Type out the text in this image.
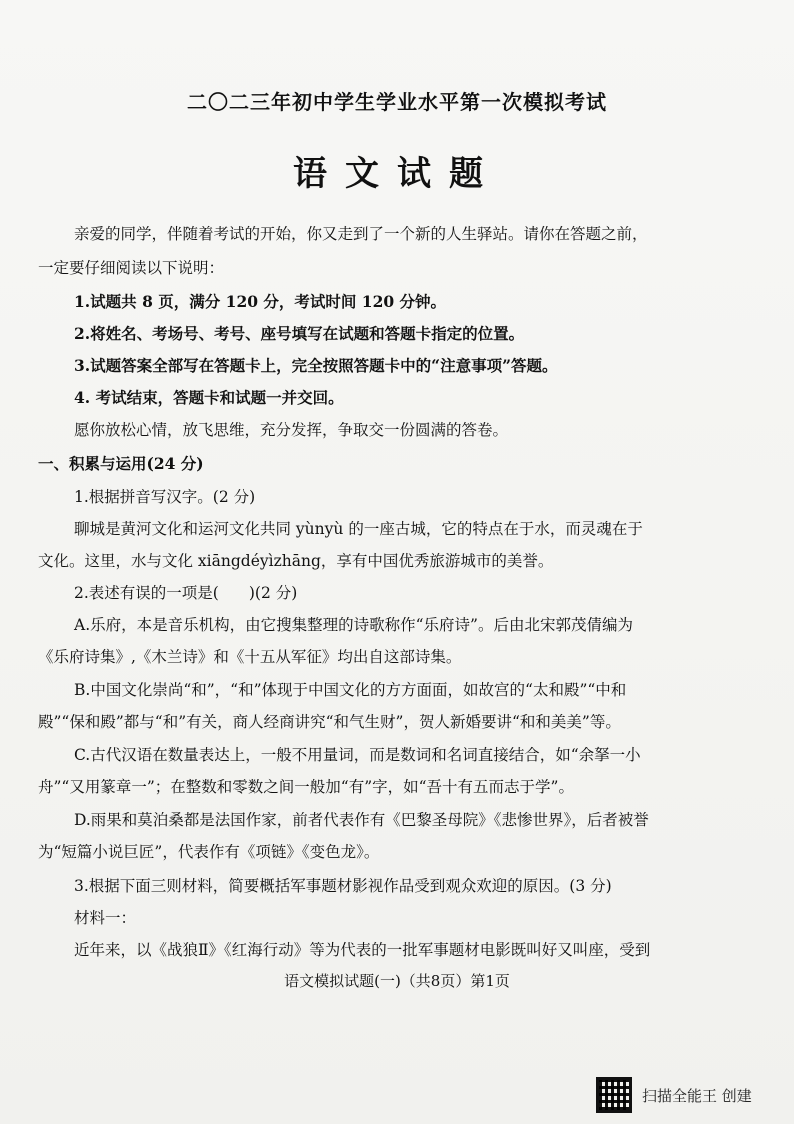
二〇二三年初中学生学业水平第一次模拟考试
语文试题
亲爱的同学，伴随着考试的开始，你又走到了一个新的人生驿站。请你在答题之前，
一定要仔细阅读以下说明：
1.试题共 8 页，满分 120 分，考试时间 120 分钟。
2.将姓名、考场号、考号、座号填写在试题和答题卡指定的位置。
3.试题答案全部写在答题卡上，完全按照答题卡中的“注意事项”答题。
4. 考试结束，答题卡和试题一并交回。
愿你放松心情，放飞思维，充分发挥，争取交一份圆满的答卷。
一、积累与运用(24 分)
1.根据拼音写汉字。(2 分)
聊城是黄河文化和运河文化共同 yùnyù 的一座古城，它的特点在于水，而灵魂在于
文化。这里，水与文化 xiāngdéyìzhāng，享有中国优秀旅游城市的美誉。
2.表述有误的一项是( )(2 分)
A.乐府，本是音乐机构，由它搜集整理的诗歌称作“乐府诗”。后由北宋郭茂倩编为
《乐府诗集》,《木兰诗》和《十五从军征》均出自这部诗集。
B.中国文化崇尚“和”，“和”体现于中国文化的方方面面，如故宫的“太和殿”“中和
殿”“保和殿”都与“和”有关，商人经商讲究“和气生财”，贺人新婚要讲“和和美美”等。
C.古代汉语在数量表达上，一般不用量词，而是数词和名词直接结合，如“余拏一小
舟”“又用篆章一”；在整数和零数之间一般加“有”字，如“吾十有五而志于学”。
D.雨果和莫泊桑都是法国作家，前者代表作有《巴黎圣母院》《悲惨世界》，后者被誉
为“短篇小说巨匠”，代表作有《项链》《变色龙》。
3.根据下面三则材料，简要概括军事题材影视作品受到观众欢迎的原因。(3 分)
材料一：
近年来，以《战狼Ⅱ》《红海行动》等为代表的一批军事题材电影既叫好又叫座，受到
语文模拟试题(一)（共8页）第1页
扫描全能王 创建
